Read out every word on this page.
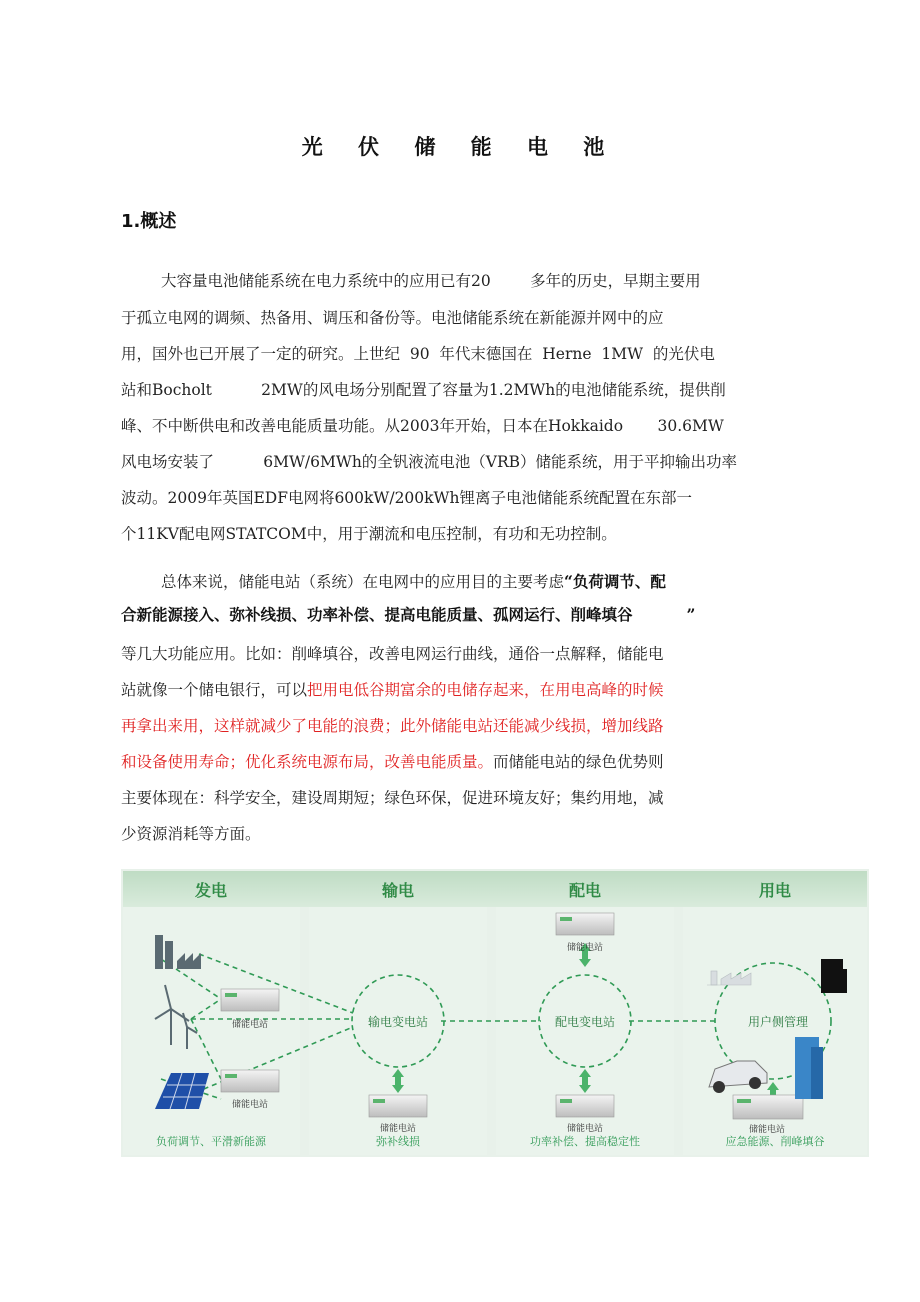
光 伏 储 能 电 池
1.概述
大容量电池储能系统在电力系统中的应用已有20        多年的历史，早期主要用
于孤立电网的调频、热备用、调压和备份等。电池储能系统在新能源并网中的应
用，国外也已开展了一定的研究。上世纪  90  年代末德国在  Herne  1MW  的光伏电
站和Bocholt          2MW的风电场分别配置了容量为1.2MWh的电池储能系统，提供削
峰、不中断供电和改善电能质量功能。从2003年开始，日本在Hokkaido       30.6MW
风电场安装了          6MW/6MWh的全钒液流电池（VRB）储能系统，用于平抑输出功率
波动。2009年英国EDF电网将600kW/200kWh锂离子电池储能系统配置在东部一
个11KV配电网STATCOM中，用于潮流和电压控制，有功和无功控制。
总体来说，储能电站（系统）在电网中的应用目的主要考虑“负荷调节、配
合新能源接入、弥补线损、功率补偿、提高电能质量、孤网运行、削峰填谷          ”
等几大功能应用。比如：削峰填谷，改善电网运行曲线，通俗一点解释，储能电
站就像一个储电银行，可以把用电低谷期富余的电储存起来，在用电高峰的时候
再拿出来用，这样就减少了电能的浪费；此外储能电站还能减少线损，增加线路
和设备使用寿命；优化系统电源布局，改善电能质量。而储能电站的绿色优势则
主要体现在：科学安全，建设周期短；绿色环保，促进环境友好；集约用地，减
少资源消耗等方面。
发电	输电	配电	用电
输电变电站	配电变电站	用户侧管理
储能电站
储能电站
储能电站
储能电站
储能电站	储能电站
负荷调节、平滑新能源	弥补线损	功率补偿、提高稳定性	应急能源、削峰填谷
